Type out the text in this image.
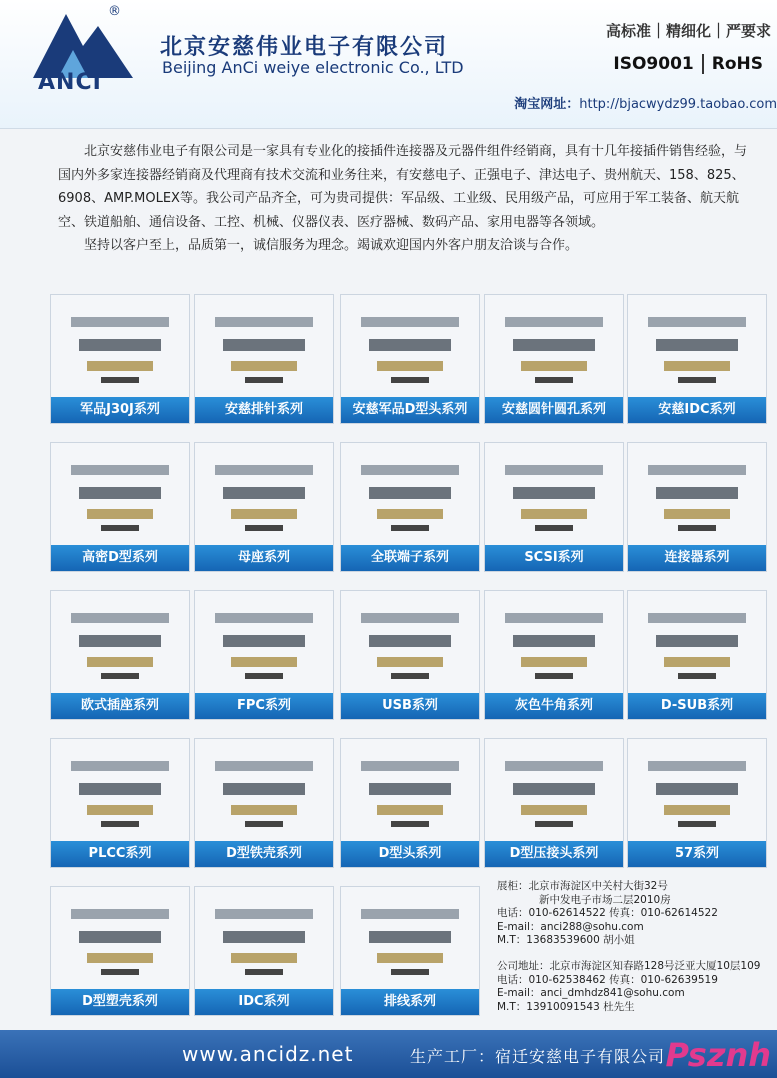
®
ANCI
北京安慈伟业电子有限公司
Beijing AnCi weiye electronic Co., LTD
高标准｜精细化｜严要求
ISO9001	RoHS
淘宝网址：http://bjacwydz99.taobao.com

北京安慈伟业电子有限公司是一家具有专业化的接插件连接器及元器件组件经销商，具有十几年接插件销售经验，与国内外多家连接器经销商及代理商有技术交流和业务往来，有安慈电子、正强电子、津达电子、贵州航天、158、825、6908、AMP.MOLEX等。我公司产品齐全，可为贵司提供：军品级、工业级、民用级产品，可应用于军工装备、航天航空、铁道船舶、通信设备、工控、机械、仪器仪表、医疗器械、数码产品、家用电器等各领域。

坚持以客户至上，品质第一，诚信服务为理念。竭诚欢迎国内外客户朋友洽谈与合作。

军品J30J系列	安慈排针系列	安慈军品D型头系列	安慈圆针圆孔系列	安慈IDC系列
高密D型系列	母座系列	全联端子系列	SCSI系列	连接器系列
欧式插座系列	FPC系列	USB系列	灰色牛角系列	D-SUB系列
PLCC系列	D型铁壳系列	D型头系列	D型压接头系列	57系列
D型塑壳系列	IDC系列	排线系列
展柜：北京市海淀区中关村大街32号
新中发电子市场二层2010房
电话：010-62614522 传真：010-62614522
E-mail：anci288@sohu.com
M.T：13683539600 胡小姐
公司地址：北京市海淀区知春路128号泛亚大厦10层109
电话：010-62538462 传真：010-62639519
E-mail：anci_dmhdz841@sohu.com
M.T：13910091543 杜先生
www.ancidz.net	生产工厂：宿迁安慈电子有限公司 Psznh
